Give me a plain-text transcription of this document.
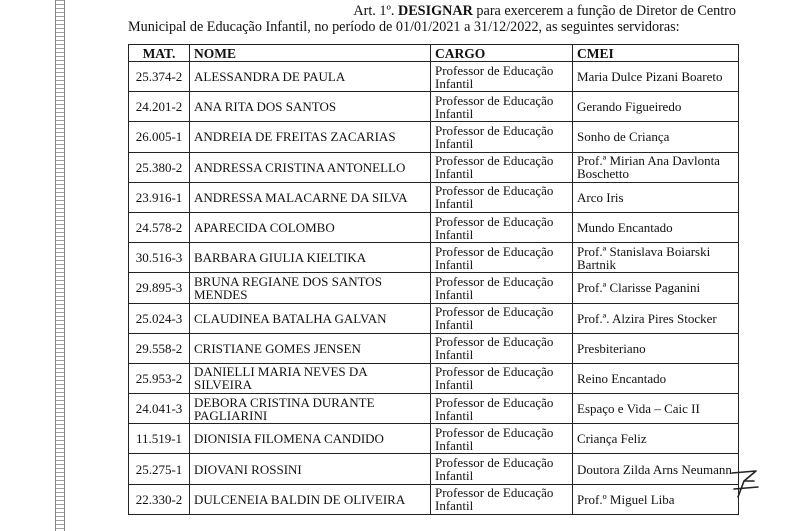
Art. 1º. DESIGNAR para exercerem a função de Diretor de Centro
Municipal de Educação Infantil, no período de 01/01/2021 a 31/12/2022, as seguintes servidoras:
MAT.	NOME	CARGO	CMEI
25.374-2	ALESSANDRA DE PAULA	Professor de Educação Infantil	Maria Dulce Pizani Boareto
24.201-2	ANA RITA DOS SANTOS	Professor de Educação Infantil	Gerando Figueiredo
26.005-1	ANDREIA DE FREITAS ZACARIAS	Professor de Educação Infantil	Sonho de Criança
25.380-2	ANDRESSA CRISTINA ANTONELLO	Professor de Educação Infantil	Prof.ª Mirian Ana Davlonta Boschetto
23.916-1	ANDRESSA MALACARNE DA SILVA	Professor de Educação Infantil	Arco Iris
24.578-2	APARECIDA COLOMBO	Professor de Educação Infantil	Mundo Encantado
30.516-3	BARBARA GIULIA KIELTIKA	Professor de Educação Infantil	Prof.ª Stanislava Boiarski Bartnik
29.895-3	BRUNA REGIANE DOS SANTOS MENDES	Professor de Educação Infantil	Prof.ª Clarisse Paganini
25.024-3	CLAUDINEA BATALHA GALVAN	Professor de Educação Infantil	Prof.ª. Alzira Pires Stocker
29.558-2	CRISTIANE GOMES JENSEN	Professor de Educação Infantil	Presbiteriano
25.953-2	DANIELLI MARIA NEVES DA SILVEIRA	Professor de Educação Infantil	Reino Encantado
24.041-3	DEBORA CRISTINA DURANTE PAGLIARINI	Professor de Educação Infantil	Espaço e Vida – Caic II
11.519-1	DIONISIA FILOMENA CANDIDO	Professor de Educação Infantil	Criança Feliz
25.275-1	DIOVANI ROSSINI	Professor de Educação Infantil	Doutora Zilda Arns Neumann
22.330-2	DULCENEIA BALDIN DE OLIVEIRA	Professor de Educação Infantil	Prof.º Miguel Liba
